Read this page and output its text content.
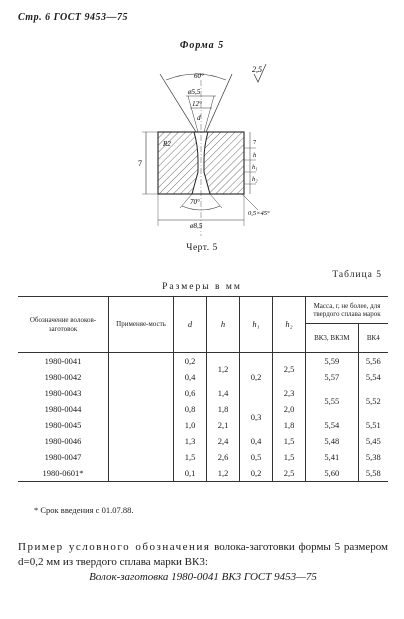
Стр. 6 ГОСТ 9453—75
Форма 5
60°
ø5,5
12°
d
R2
7
70°
ø8,5
0,5×45°
7
h
h₁
h₂
2,5
Черт. 5
Таблица 5
Размеры в мм
Обозначение волоков-заготовок	Применяе-мость	d	h	h₁	h₂	Масса, г, не более, для твердого сплава марок	
						ВК3, ВК3М	ВК4
1980-0041		0,2	1,2	0,2	2,5	5,59	5,56
1980-0042		0,4				5,57	5,54
1980-0043		0,6	1,4		2,3	5,55	5,52
1980-0044		0,8	1,8	0,3	2,0		
1980-0045		1,0	2,1		1,8	5,54	5,51
1980-0046		1,3	2,4	0,4	1,5	5,48	5,45
1980-0047		1,5	2,6	0,5	1,5	5,41	5,38
1980-0601*		0,1	1,2	0,2	2,5	5,60	5,58
* Срок введения с 01.07.88.
Пример условного обозначения волока-заготовки формы 5 размером d=0,2 мм из твердого сплава марки ВК3:
Волок-заготовка 1980-0041 ВК3 ГОСТ 9453—75
